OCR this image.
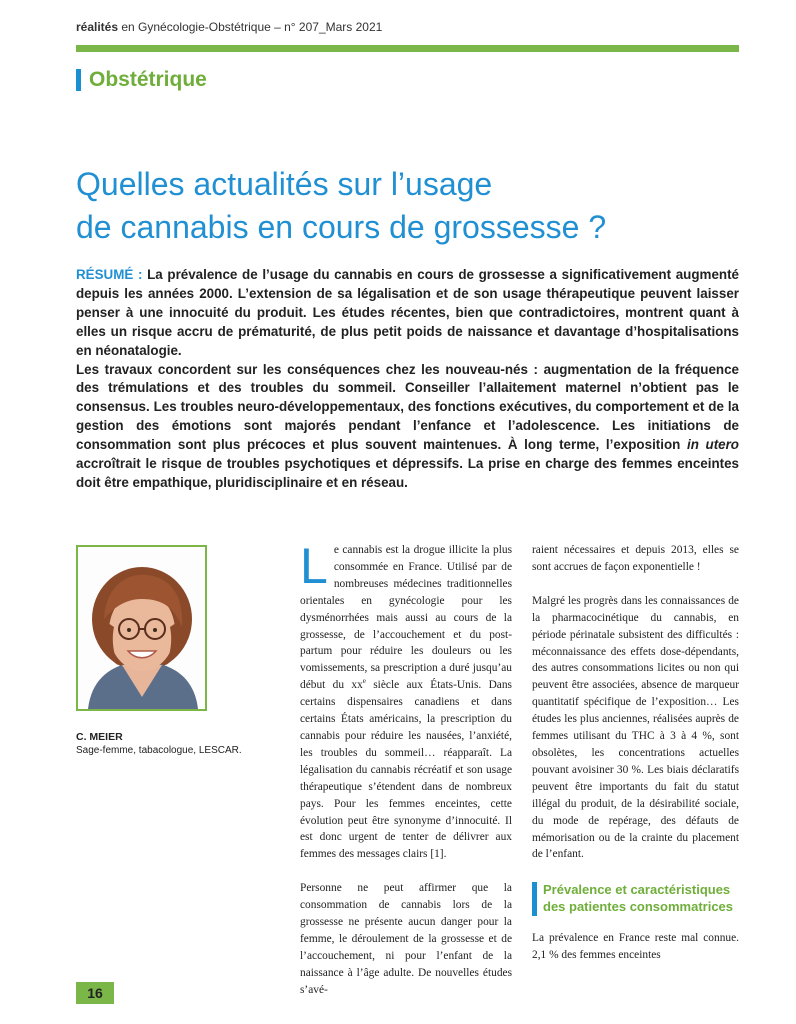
réalités en Gynécologie-Obstétrique – n° 207_Mars 2021
Obstétrique
Quelles actualités sur l’usage
de cannabis en cours de grossesse ?

RÉSUMÉ : La prévalence de l’usage du cannabis en cours de grossesse a significativement augmenté depuis les années 2000. L’extension de sa légalisation et de son usage thérapeutique peuvent laisser penser à une innocuité du produit. Les études récentes, bien que contradictoires, montrent quant à elles un risque accru de prématurité, de plus petit poids de naissance et davantage d’hospitalisations en néonatalogie.

Les travaux concordent sur les conséquences chez les nouveau-nés : augmentation de la fréquence des trémulations et des troubles du sommeil. Conseiller l’allaitement maternel n’obtient pas le consensus. Les troubles neuro-développementaux, des fonctions exécutives, du comportement et de la gestion des émotions sont majorés pendant l’enfance et l’adolescence. Les initiations de consommation sont plus précoces et plus souvent maintenues. À long terme, l’exposition in utero accroîtrait le risque de troubles psychotiques et dépressifs. La prise en charge des femmes enceintes doit être empathique, pluridisciplinaire et en réseau.

C. MEIER
Sage-femme, tabacologue, LESCAR.

Le cannabis est la drogue illicite la plus consommée en France. Utilisé par de nombreuses médecines traditionnelles orientales en gynécologie pour les dysménorrhées mais aussi au cours de la grossesse, de l’accouchement et du post-partum pour réduire les douleurs ou les vomissements, sa prescription a duré jusqu’au début du $xx^e$ siècle aux États-Unis. Dans certains dispensaires canadiens et dans certains États américains, la prescription du cannabis pour réduire les nausées, l’anxiété, les troubles du sommeil… réapparaît. La légalisation du cannabis récréatif et son usage thérapeutique s’étendent dans de nombreux pays. Pour les femmes enceintes, cette évolution peut être synonyme d’innocuité. Il est donc urgent de tenter de délivrer aux femmes des messages clairs [1].

Personne ne peut affirmer que la consommation de cannabis lors de la grossesse ne présente aucun danger pour la femme, le déroulement de la grossesse et de l’accouchement, ni pour l’enfant de la naissance à l’âge adulte. De nouvelles études s’avé-

raient nécessaires et depuis 2013, elles se sont accrues de façon exponentielle !

Malgré les progrès dans les connaissances de la pharmacocinétique du cannabis, en période périnatale subsistent des difficultés : méconnaissance des effets dose-dépendants, des autres consommations licites ou non qui peuvent être associées, absence de marqueur quantitatif spécifique de l’exposition… Les études les plus anciennes, réalisées auprès de femmes utilisant du THC à 3 à 4 %, sont obsolètes, les concentrations actuelles pouvant avoisiner 30 %. Les biais déclaratifs peuvent être importants du fait du statut illégal du produit, de la désirabilité sociale, du mode de repérage, des défauts de mémorisation ou de la crainte du placement de l’enfant.

Prévalence et caractéristiques
des patientes consommatrices

La prévalence en France reste mal connue. 2,1 % des femmes enceintes

16
